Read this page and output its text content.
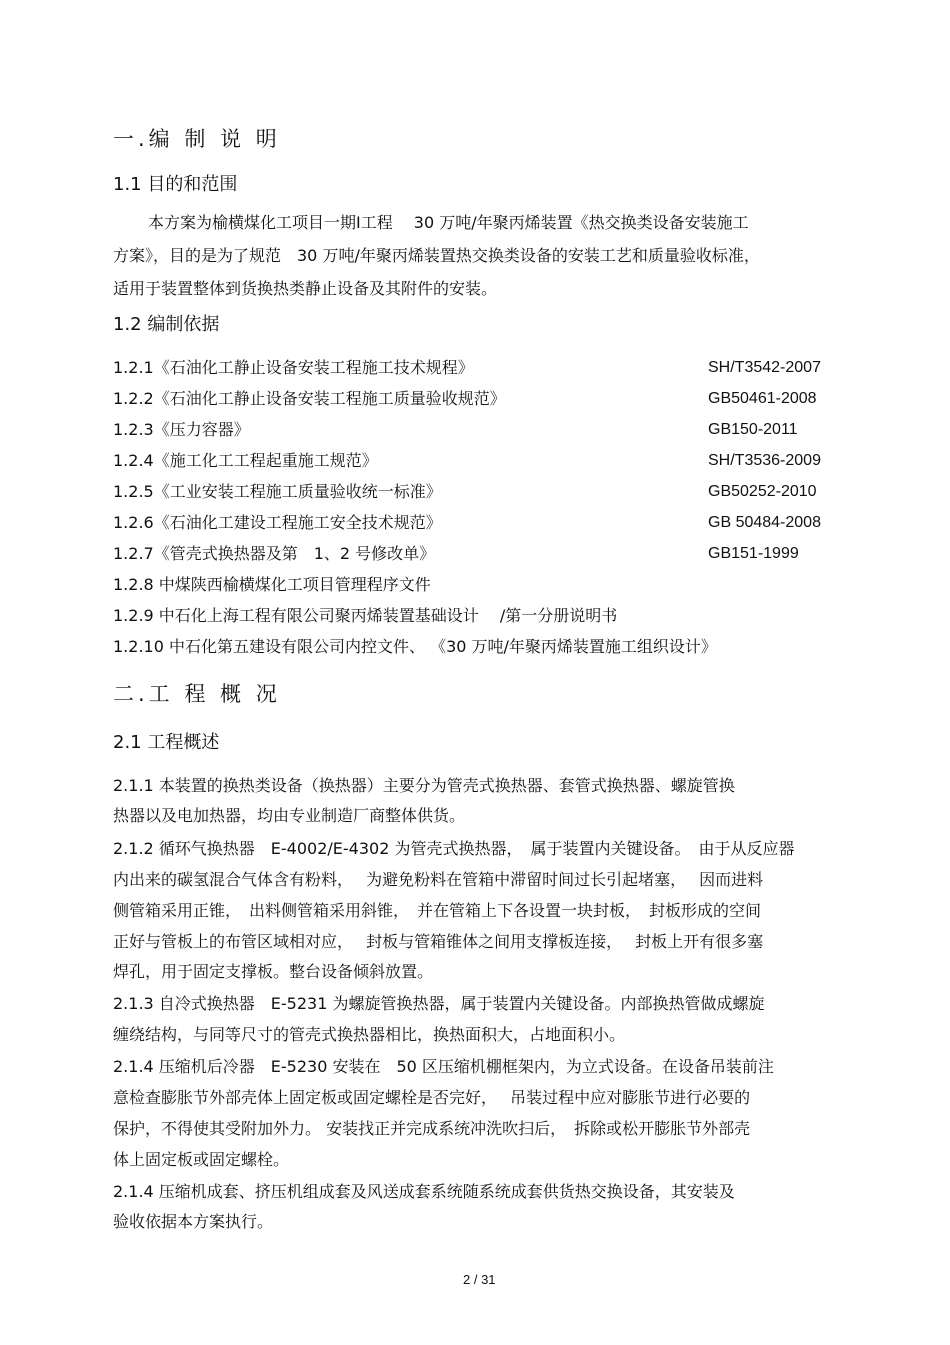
一.编 制 说 明
1.1 目的和范围
本方案为榆横煤化工项目一期Ⅰ工程　 30 万吨/年聚丙烯装置《热交换类设备安装施工
方案》，目的是为了规范　30 万吨/年聚丙烯装置热交换类设备的安装工艺和质量验收标准，
适用于装置整体到货换热类静止设备及其附件的安装。
1.2 编制依据
1.2.1《石油化工静止设备安装工程施工技术规程》	SH/T3542-2007
1.2.2《石油化工静止设备安装工程施工质量验收规范》	GB50461-2008
1.2.3《压力容器》	GB150-2011
1.2.4《施工化工工程起重施工规范》	SH/T3536-2009
1.2.5《工业安装工程施工质量验收统一标准》	GB50252-2010
1.2.6《石油化工建设工程施工安全技术规范》	GB 50484-2008
1.2.7《管壳式换热器及第　1、2 号修改单》	GB151-1999
1.2.8 中煤陕西榆横煤化工项目管理程序文件
1.2.9 中石化上海工程有限公司聚丙烯装置基础设计　 /第一分册说明书
1.2.10 中石化第五建设有限公司内控文件、 《30 万吨/年聚丙烯装置施工组织设计》
二.工 程 概 况
2.1 工程概述
2.1.1 本装置的换热类设备（换热器）主要分为管壳式换热器、套管式换热器、螺旋管换
热器以及电加热器，均由专业制造厂商整体供货。
2.1.2 循环气换热器　E-4002/E-4302 为管壳式换热器，　属于装置内关键设备。　由于从反应器
内出来的碳氢混合气体含有粉料，　 为避免粉料在管箱中滞留时间过长引起堵塞，　 因而进料
侧管箱采用正锥，　出料侧管箱采用斜锥，　并在管箱上下各设置一块封板，　封板形成的空间
正好与管板上的布管区域相对应，　 封板与管箱锥体之间用支撑板连接，　 封板上开有很多塞
焊孔，用于固定支撑板。整台设备倾斜放置。
2.1.3 自冷式换热器　E-5231 为螺旋管换热器，属于装置内关键设备。内部换热管做成螺旋
缠绕结构，与同等尺寸的管壳式换热器相比，换热面积大，占地面积小。
2.1.4 压缩机后冷器　E-5230 安装在　50 区压缩机棚框架内，为立式设备。在设备吊装前注
意检查膨胀节外部壳体上固定板或固定螺栓是否完好，　 吊装过程中应对膨胀节进行必要的
保护，不得使其受附加外力。 安装找正并完成系统冲洗吹扫后，　拆除或松开膨胀节外部壳
体上固定板或固定螺栓。
2.1.4 压缩机成套、挤压机组成套及风送成套系统随系统成套供货热交换设备，其安装及
验收依据本方案执行。
2 / 31
